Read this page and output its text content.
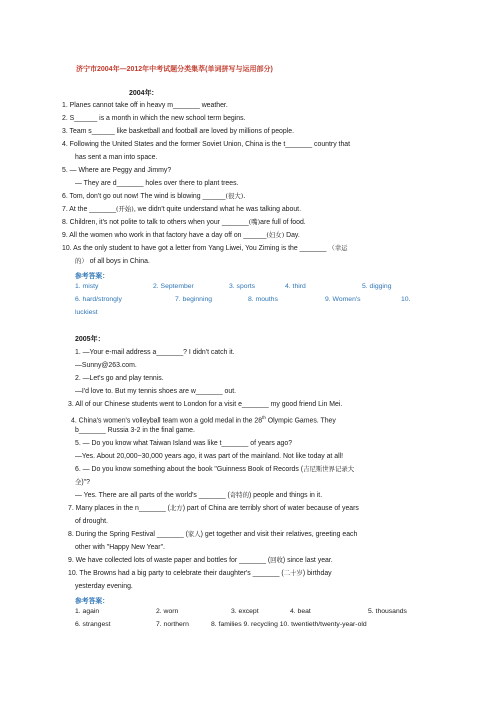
济宁市2004年—2012年中考试题分类集萃(单词拼写与运用部分)
2004年:
1. Planes cannot take off in heavy m_______ weather.
2. S______ is a month in which the new school term begins.
3. Team s______ like basketball and football are loved by millions of people.
4. Following the United States and the former Soviet Union, China is the t_______ country that
has sent a man into space.
5. — Where are Peggy and Jimmy?
— They are d_______ holes over there to plant trees.
6. Tom, don't go out now! The wind is blowing ______(很大).
7. At the _______(开始), we didn't quite understand what he was talking about.
8. Children, it's not polite to talk to others when your _______(嘴)are full of food.
9. All the women who work in that factory have a day off on ______(妇女) Day.
10. As the only student to have got a letter from Yang Liwei, You Ziming is the _______ （幸运
的） of all boys in China.
参考答案：
1. misty	2. September	3. sports	4. third	5. digging
6. hard/strongly	7. beginning	8. mouths	9. Women's	10.
luckiest
2005年：
1. —Your e-mail address a_______? I didn't catch it.
—Sunny@263.com.
2. —Let's go and play tennis.
—I'd love to. But my tennis shoes are w_______ out.
3. All of our Chinese students went to London for a visit e_______ my good friend Lin Mei.
4. China's women's volleyball team won a gold medal in the 28th Olympic Games. They
b_______ Russia 3-2 in the final game.
5. — Do you know what Taiwan Island was like t_______ of years ago?
—Yes. About 20,000~30,000 years ago, it was part of the mainland. Not like today at all!
6. — Do you know something about the book "Guinness Book of Records (吉尼斯世界记录大
全)"?
— Yes. There are all parts of the world's _______ (奇特的) people and things in it.
7. Many places in the n_______ (北方) part of China are terribly short of water because of years
of drought.
8. During the Spring Festival _______ (家人) get together and visit their relatives, greeting each
other with "Happy New Year".
9. We have collected lots of waste paper and bottles for _______ (回收) since last year.
10. The Browns had a big party to celebrate their daughter's _______ (二十岁) birthday
yesterday evening.
参考答案：
1. again	2. worn	3. except	4. beat	5. thousands
6. strangest	7. northern	8. families 9. recycling 10. twentieth/twenty-year-old
